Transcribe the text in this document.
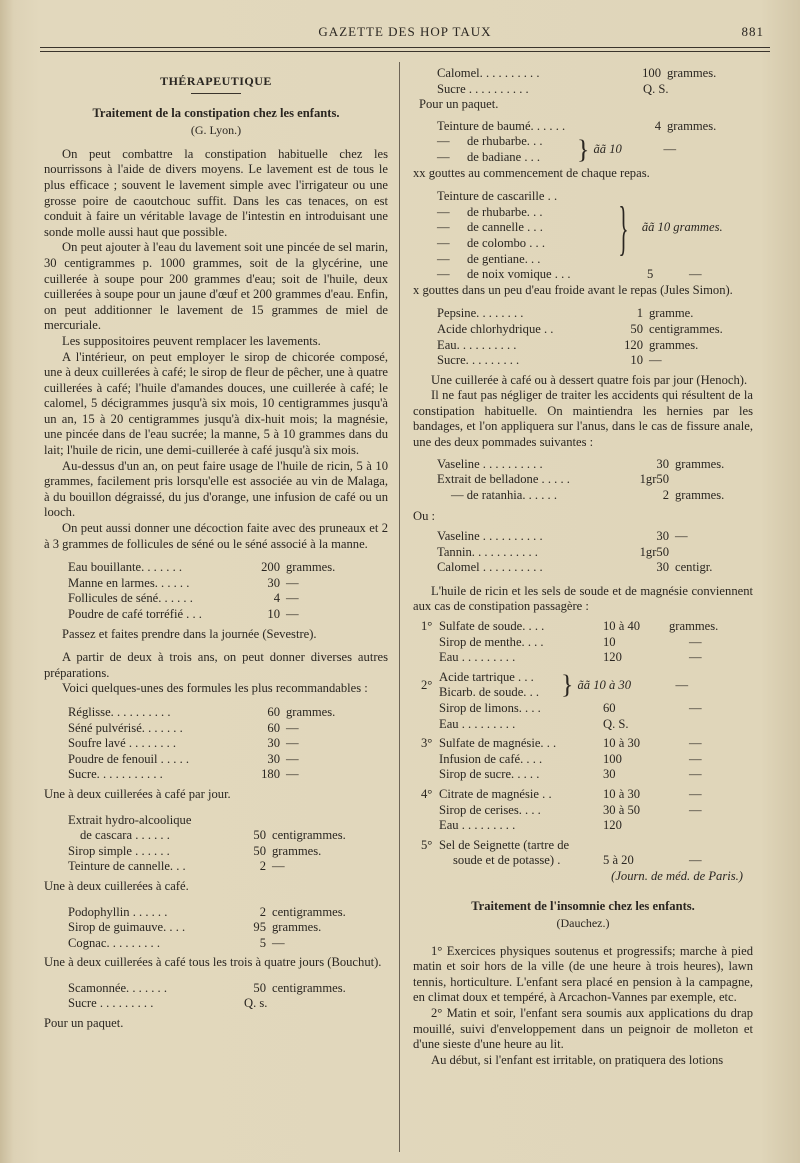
GAZETTE DES HOP TAUX	881
THÉRAPEUTIQUE
Traitement de la constipation chez les enfants.
(G. Lyon.)

On peut combattre la constipation habituelle chez les nourrissons à l'aide de divers moyens. Le lavement est de tous le plus efficace ; souvent le lavement simple avec l'irrigateur ou une grosse poire de caoutchouc suffit. Dans les cas tenaces, on est conduit à faire un véritable lavage de l'intestin en introduisant une sonde molle aussi haut que possible.

On peut ajouter à l'eau du lavement soit une pincée de sel marin, 30 centigrammes p. 1000 grammes, soit de la glycérine, une cuillerée à soupe pour 200 grammes d'eau; soit de l'huile, deux cuillerées à soupe pour un jaune d'œuf et 200 grammes d'eau. Enfin, on peut additionner le lavement de 15 grammes de miel de mercuriale.

Les suppositoires peuvent remplacer les lavements.

A l'intérieur, on peut employer le sirop de chicorée composé, une à deux cuillerées à café; le sirop de fleur de pêcher, une à quatre cuillerées à café; l'huile d'amandes douces, une cuillerée à café; le calomel, 5 décigrammes jusqu'à six mois, 10 centigrammes jusqu'à un an, 15 à 20 centigrammes jusqu'à dix-huit mois; la magnésie, une pincée dans de l'eau sucrée; la manne, 5 à 10 grammes dans du lait; l'huile de ricin, une demi-cuillerée à café jusqu'à six mois.

Au-dessus d'un an, on peut faire usage de l'huile de ricin, 5 à 10 grammes, facilement pris lorsqu'elle est associée au vin de Malaga, à du bouillon dégraissé, du jus d'orange, une infusion de café ou un looch.

On peut aussi donner une décoction faite avec des pruneaux et 2 à 3 grammes de follicules de séné ou le séné associé à la manne.

Eau bouillante. . . . . . .	200 grammes.
Manne en larmes. . . . . .	30 —
Follicules de séné. . . . . .	4 —
Poudre de café torréfié . . .	10 —

Passez et faites prendre dans la journée (Sevestre).

A partir de deux à trois ans, on peut donner diverses autres préparations.

Voici quelques-unes des formules les plus recommandables :

Réglisse. . . . . . . . . .	60 grammes.
Séné pulvérisé. . . . . . .	60 —
Soufre lavé . . . . . . . .	30 —
Poudre de fenouil . . . . .	30 —
Sucre. . . . . . . . . . .	180 —

Une à deux cuillerées à café par jour.

Extrait hydro-alcoolique
de cascara . . . . . .	50 centigrammes.
Sirop simple . . . . . .	50 grammes.
Teinture de cannelle. . .	2 —

Une à deux cuillerées à café.

Podophyllin . . . . . .	2 centigrammes.
Sirop de guimauve. . . .	95 grammes.
Cognac. . . . . . . . .	5 —

Une à deux cuillerées à café tous les trois à quatre jours (Bouchut).

Scamonnée. . . . . . .	50 centigrammes.
Sucre . . . . . . . . .	Q. s.

Pour un paquet.

Calomel. . . . . . . . . .	100 grammes.
Sucre . . . . . . . . . .	Q. S.

Pour un paquet.

Teinture de baumé. . . . . .	4 grammes.
—	de rhubarbe. . .
—	de badiane . . .	} ãã 10	—

xx gouttes au commencement de chaque repas.

Teinture de cascarille . .
—	de rhubarbe. . .
—	de cannelle . . .
—	de colombo . . .
—	de gentiane. . .	} ãã 10 grammes.
—	de noix vomique . . .	5	—

x gouttes dans un peu d'eau froide avant le repas (Jules Simon).

Pepsine. . . . . . . .	1 gramme.
Acide chlorhydrique . .	50 centigrammes.
Eau. . . . . . . . . .	120 grammes.
Sucre. . . . . . . . .	10 —

Une cuillerée à café ou à dessert quatre fois par jour (Henoch).

Il ne faut pas négliger de traiter les accidents qui résultent de la constipation habituelle. On maintiendra les hernies par les bandages, et l'on appliquera sur l'anus, dans le cas de fissure anale, une des deux pommades suivantes :

Vaseline . . . . . . . . . .	30 grammes.
Extrait de belladone . . . . .	1gr50
— de ratanhia. . . . . .	2 grammes.

Ou :

Vaseline . . . . . . . . . .	30 —
Tannin. . . . . . . . . . .	1gr50
Calomel . . . . . . . . . .	30 centigr.

L'huile de ricin et les sels de soude et de magnésie conviennent aux cas de constipation passagère :

1° Sulfate de soude. . . .	10 à 40	grammes.
Sirop de menthe. . . .	10	—
Eau . . . . . . . . .	120	—
2°
Acide tartrique . . .
Bicarb. de soude. . . } ãã 10 à 30	—
Sirop de limons. . . .	60	—
Eau . . . . . . . . .	Q. S.
3° Sulfate de magnésie. . .	10 à 30	—
Infusion de café. . . .	100	—
Sirop de sucre. . . . .	30	—
4° Citrate de magnésie . .	10 à 30	—
Sirop de cerises. . . .	30 à 50	—
Eau . . . . . . . . .	120
5° Sel de Seignette (tartre de
soude et de potasse) .	5 à 20	—

(Journ. de méd. de Paris.)

Traitement de l'insomnie chez les enfants.
(Dauchez.)

1° Exercices physiques soutenus et progressifs; marche à pied matin et soir hors de la ville (de une heure à trois heures), lawn tennis, horticulture. L'enfant sera placé en pension à la campagne, en climat doux et tempéré, à Arcachon-Vannes par exemple, etc.

2° Matin et soir, l'enfant sera soumis aux applications du drap mouillé, suivi d'enveloppement dans un peignoir de molleton et d'une sieste d'une heure au lit.

Au début, si l'enfant est irritable, on pratiquera des lotions
